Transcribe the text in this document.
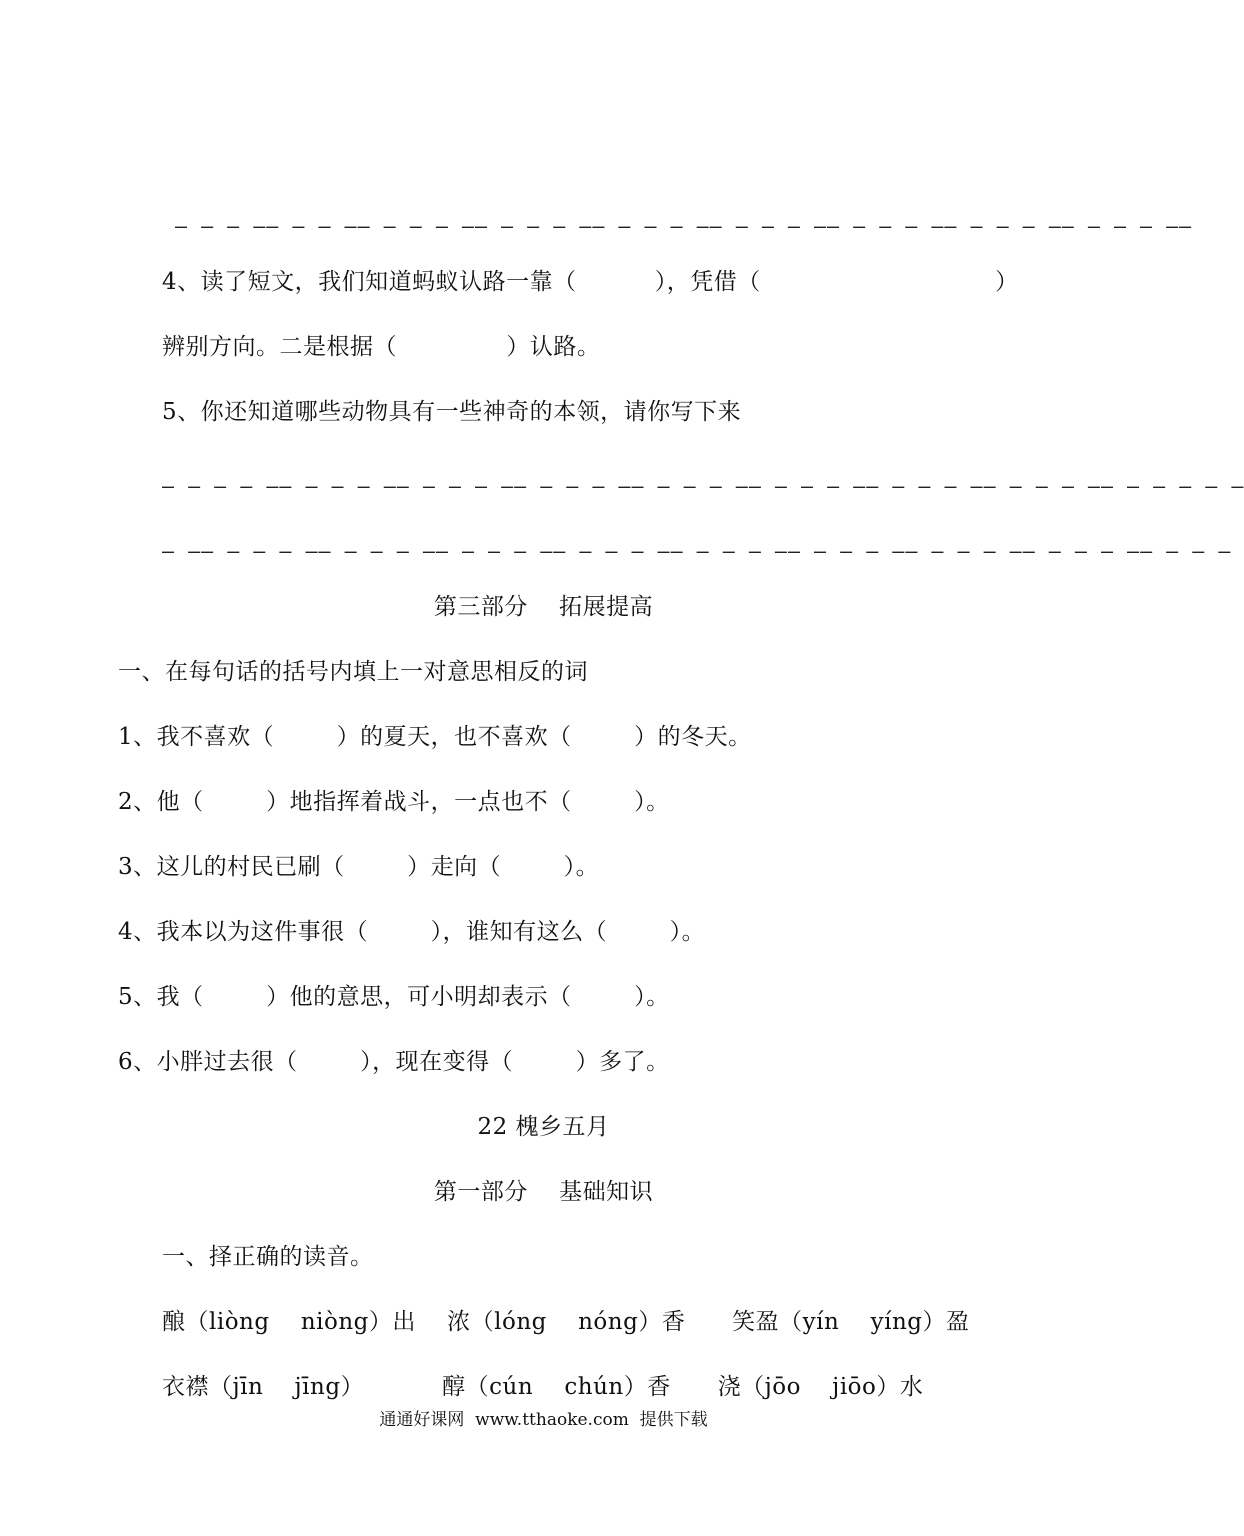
– – – –– – – –– – – – –– – – – –– – – – –– – – – –– – – – –– – – – –– – – – ––
4、读了短文，我们知道蚂蚁认路一靠（          ），凭借（                              ）
辨别方向。二是根据（              ）认路。
5、你还知道哪些动物具有一些神奇的本领，请你写下来
– – – – –– – – – –– – – – –– – – – –– – – – –– – – – –– – – – –– – – – –– – – – – –
– –– – – – –– – – – –– – – – –– – – – –– – – – –– – – – –– – – – –– – – – –– – – –
第三部分    拓展提高
一、在每句话的括号内填上一对意思相反的词
1、我不喜欢（        ）的夏天，也不喜欢（        ）的冬天。
2、他（        ）地指挥着战斗，一点也不（        ）。
3、这儿的村民已刷（        ）走向（        ）。
4、我本以为这件事很（        ），谁知有这么（        ）。
5、我（        ）他的意思，可小明却表示（        ）。
6、小胖过去很（        ），现在变得（        ）多了。
22 槐乡五月
第一部分    基础知识
一、择正确的读音。
酿（liòng    niòng）出    浓（lóng    nóng）香      笑盈（yín    yíng）盈
衣襟（jīn    jīng）          醇（cún    chún）香      浇（jōo    jiōo）水
通通好课网  www.tthaoke.com  提供下载
